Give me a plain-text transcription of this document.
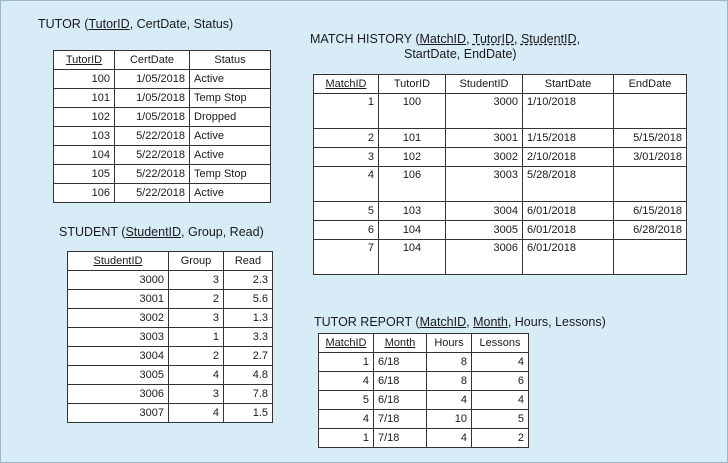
TUTOR (TutorID, CertDate, Status)
TutorID	CertDate	Status
100	1/05/2018	Active
101	1/05/2018	Temp Stop
102	1/05/2018	Dropped
103	5/22/2018	Active
104	5/22/2018	Active
105	5/22/2018	Temp Stop
106	5/22/2018	Active
STUDENT (StudentID, Group, Read)
StudentID	Group	Read
3000	3	2.3
3001	2	5.6
3002	3	1.3
3003	1	3.3
3004	2	2.7
3005	4	4.8
3006	3	7.8
3007	4	1.5
MATCH HISTORY (MatchID, TutorID, StudentID,
StartDate, EndDate)
MatchID	TutorID	StudentID	StartDate	EndDate
1	100	3000	1/10/2018	
2	101	3001	1/15/2018	5/15/2018
3	102	3002	2/10/2018	3/01/2018
4	106	3003	5/28/2018	
5	103	3004	6/01/2018	6/15/2018
6	104	3005	6/01/2018	6/28/2018
7	104	3006	6/01/2018	
TUTOR REPORT (MatchID, Month, Hours, Lessons)
MatchID	Month	Hours	Lessons
1	6/18	8	4
4	6/18	8	6
5	6/18	4	4
4	7/18	10	5
1	7/18	4	2
